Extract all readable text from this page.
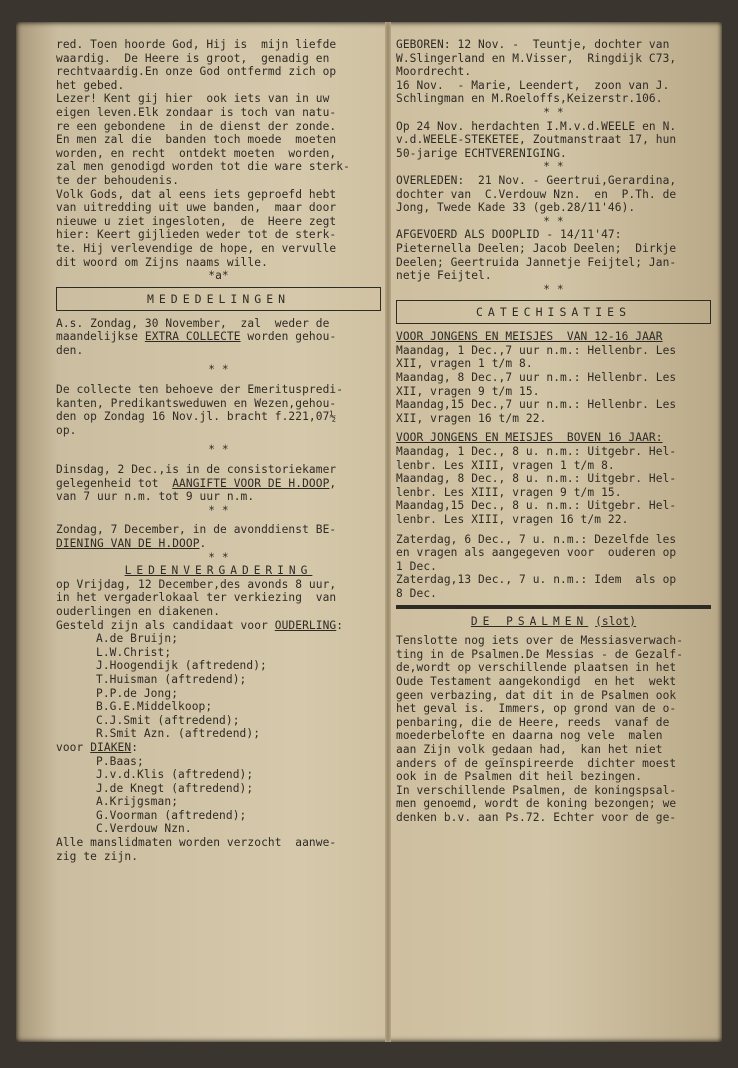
red. Toen hoorde God, Hij is  mijn liefde
waardig.  De Heere is groot,  genadig en
rechtvaardig.En onze God ontfermd zich op
het gebed.
Lezer! Kent gij hier  ook iets van in uw
eigen leven.Elk zondaar is toch van natu-
re een gebondene  in de dienst der zonde.
En men zal die  banden toch moede  moeten
worden, en recht  ontdekt moeten  worden,
zal men genodigd worden tot die ware sterk-
te der behoudenis.
Volk Gods, dat al eens iets geproefd hebt
van uitredding uit uwe banden,  maar door
nieuwe u ziet ingesloten,  de  Heere zegt
hier: Keert gijlieden weder tot de sterk-
te. Hij verlevendige de hope, en vervulle
dit woord om Zijns naams wille.
*a*
MEDEDELINGEN
A.s. Zondag, 30 November,  zal  weder de
maandelijkse EXTRA COLLECTE worden gehou-
den.
* *
De collecte ten behoeve der Emerituspredi-
kanten, Predikantsweduwen en Wezen,gehou-
den op Zondag 16 Nov.jl. bracht f.221,07½
op.
* *
Dinsdag, 2 Dec.,is in de consistoriekamer
gelegenheid tot  AANGIFTE VOOR DE H.DOOP,
van 7 uur n.m. tot 9 uur n.m.
* *
Zondag, 7 December, in de avonddienst BE-
DIENING VAN DE H.DOOP.
* *
LEDENVERGADERING
op Vrijdag, 12 December,des avonds 8 uur,
in het vergaderlokaal ter verkiezing  van
ouderlingen en diakenen.
Gesteld zijn als candidaat voor OUDERLING:
A.de Bruijn;
L.W.Christ;
J.Hoogendijk (aftredend);
T.Huisman (aftredend);
P.P.de Jong;
B.G.E.Middelkoop;
C.J.Smit (aftredend);
R.Smit Azn. (aftredend);
voor DIAKEN:
P.Baas;
J.v.d.Klis (aftredend);
J.de Knegt (aftredend);
A.Krijgsman;
G.Voorman (aftredend);
C.Verdouw Nzn.
Alle manslidmaten worden verzocht  aanwe-
zig te zijn.
GEBOREN: 12 Nov. -  Teuntje, dochter van
W.Slingerland en M.Visser,  Ringdijk C73,
Moordrecht.
16 Nov.  - Marie, Leendert,  zoon van J.
Schlingman en M.Roeloffs,Keizerstr.106.
* *
Op 24 Nov. herdachten I.M.v.d.WEELE en N.
v.d.WEELE-STEKETEE, Zoutmanstraat 17, hun
50-jarige ECHTVERENIGING.
* *
OVERLEDEN:  21 Nov. - Geertrui,Gerardina,
dochter van  C.Verdouw Nzn.  en  P.Th. de
Jong, Twede Kade 33 (geb.28/11'46).
* *
AFGEVOERD ALS DOOPLID - 14/11'47:
Pieternella Deelen; Jacob Deelen;  Dirkje
Deelen; Geertruida Jannetje Feijtel; Jan-
netje Feijtel.
* *
CATECHISATIES
VOOR JONGENS EN MEISJES  VAN 12-16 JAAR
Maandag, 1 Dec.,7 uur n.m.: Hellenbr. Les
XII, vragen 1 t/m 8.
Maandag, 8 Dec.,7 uur n.m.: Hellenbr. Les
XII, vragen 9 t/m 15.
Maandag,15 Dec.,7 uur n.m.: Hellenbr. Les
XII, vragen 16 t/m 22.
VOOR JONGENS EN MEISJES  BOVEN 16 JAAR:
Maandag, 1 Dec., 8 u. n.m.: Uitgebr. Hel-
lenbr. Les XIII, vragen 1 t/m 8.
Maandag, 8 Dec., 8 u. n.m.: Uitgebr. Hel-
lenbr. Les XIII, vragen 9 t/m 15.
Maandag,15 Dec., 8 u. n.m.: Uitgebr. Hel-
lenbr. Les XIII, vragen 16 t/m 22.
Zaterdag, 6 Dec., 7 u. n.m.: Dezelfde les
en vragen als aangegeven voor  ouderen op
1 Dec.
Zaterdag,13 Dec., 7 u. n.m.: Idem  als op
8 Dec.
DE PSALMEN (slot)
Tenslotte nog iets over de Messiasverwach-
ting in de Psalmen.De Messias - de Gezalf-
de,wordt op verschillende plaatsen in het
Oude Testament aangekondigd  en het  wekt
geen verbazing, dat dit in de Psalmen ook
het geval is.  Immers, op grond van de o-
penbaring, die de Heere, reeds  vanaf de
moederbelofte en daarna nog vele  malen
aan Zijn volk gedaan had,  kan het niet
anders of de geïnspireerde  dichter moest
ook in de Psalmen dit heil bezingen.
In verschillende Psalmen, de koningspsal-
men genoemd, wordt de koning bezongen; we
denken b.v. aan Ps.72. Echter voor de ge-
